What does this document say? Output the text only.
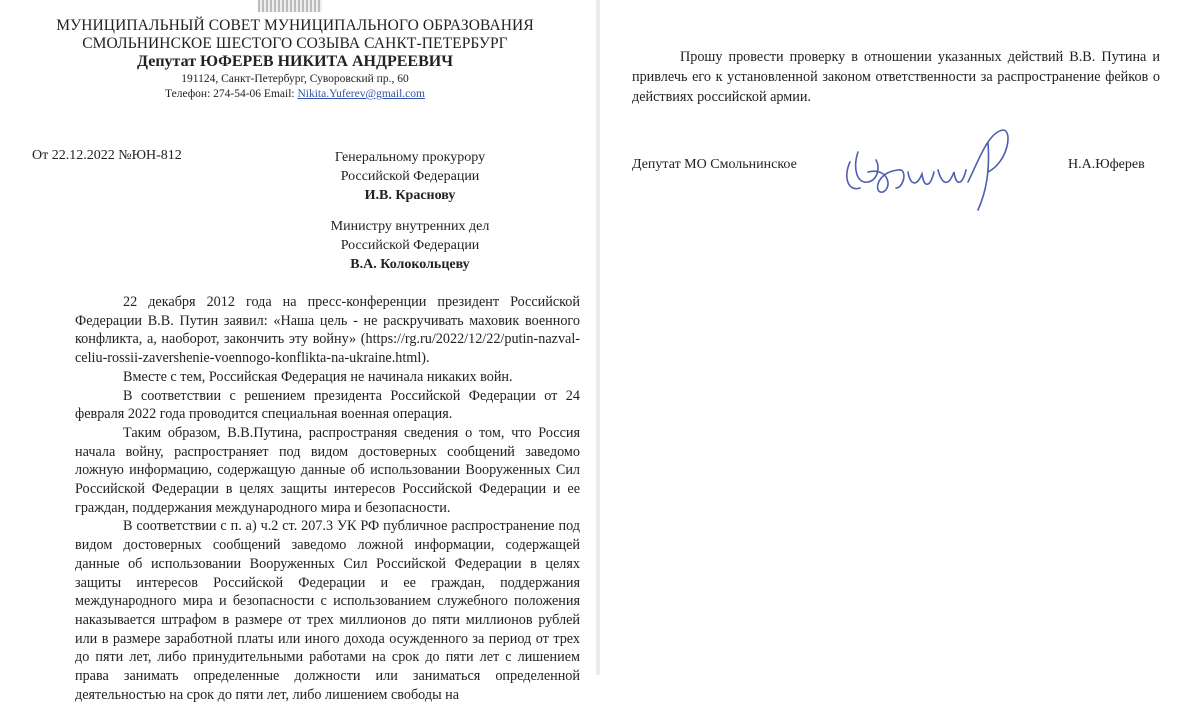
МУНИЦИПАЛЬНЫЙ СОВЕТ МУНИЦИПАЛЬНОГО ОБРАЗОВАНИЯ
СМОЛЬНИНСКОЕ ШЕСТОГО СОЗЫВА САНКТ-ПЕТЕРБУРГ
Депутат ЮФЕРЕВ НИКИТА АНДРЕЕВИЧ
191124, Санкт-Петербург, Суворовский пр., 60
Телефон: 274-54-06 Email: Nikita.Yuferev@gmail.com
От 22.12.2022 №ЮН-812	Генеральному прокурору
Российской Федерации
И.В. Краснову
Министру внутренних дел
Российской Федерации
В.А. Колокольцеву

22 декабря 2012 года на пресс-конференции президент Российской Федерации В.В. Путин заявил: «Наша цель - не раскручивать маховик военного конфликта, а, наоборот, закончить эту войну» (https://rg.ru/2022/12/22/putin-nazval-celiu-rossii-zavershenie-voennogo-konflikta-na-ukraine.html).

Вместе с тем, Российская Федерация не начинала никаких войн.

В соответствии с решением президента Российской Федерации от 24 февраля 2022 года проводится специальная военная операция.

Таким образом, В.В.Путина, распространяя сведения о том, что Россия начала войну, распространяет под видом достоверных сообщений заведомо ложную информацию, содержащую данные об использовании Вооруженных Сил Российской Федерации в целях защиты интересов Российской Федерации и ее граждан, поддержания международного мира и безопасности.

В соответствии с п. а) ч.2 ст. 207.3 УК РФ публичное распространение под видом достоверных сообщений заведомо ложной информации, содержащей данные об использовании Вооруженных Сил Российской Федерации в целях защиты интересов Российской Федерации и ее граждан, поддержания международного мира и безопасности с использованием служебного положения наказывается штрафом в размере от трех миллионов до пяти миллионов рублей или в размере заработной платы или иного дохода осужденного за период от трех до пяти лет, либо принудительными работами на срок до пяти лет с лишением права занимать определенные должности или заниматься определенной деятельностью на срок до пяти лет, либо лишением свободы на

Прошу провести проверку в отношении указанных действий В.В. Путина и привлечь его к установленной законом ответственности за распространение фейков о действиях российской армии.

Депутат МО Смольнинское	Н.А.Юферев
